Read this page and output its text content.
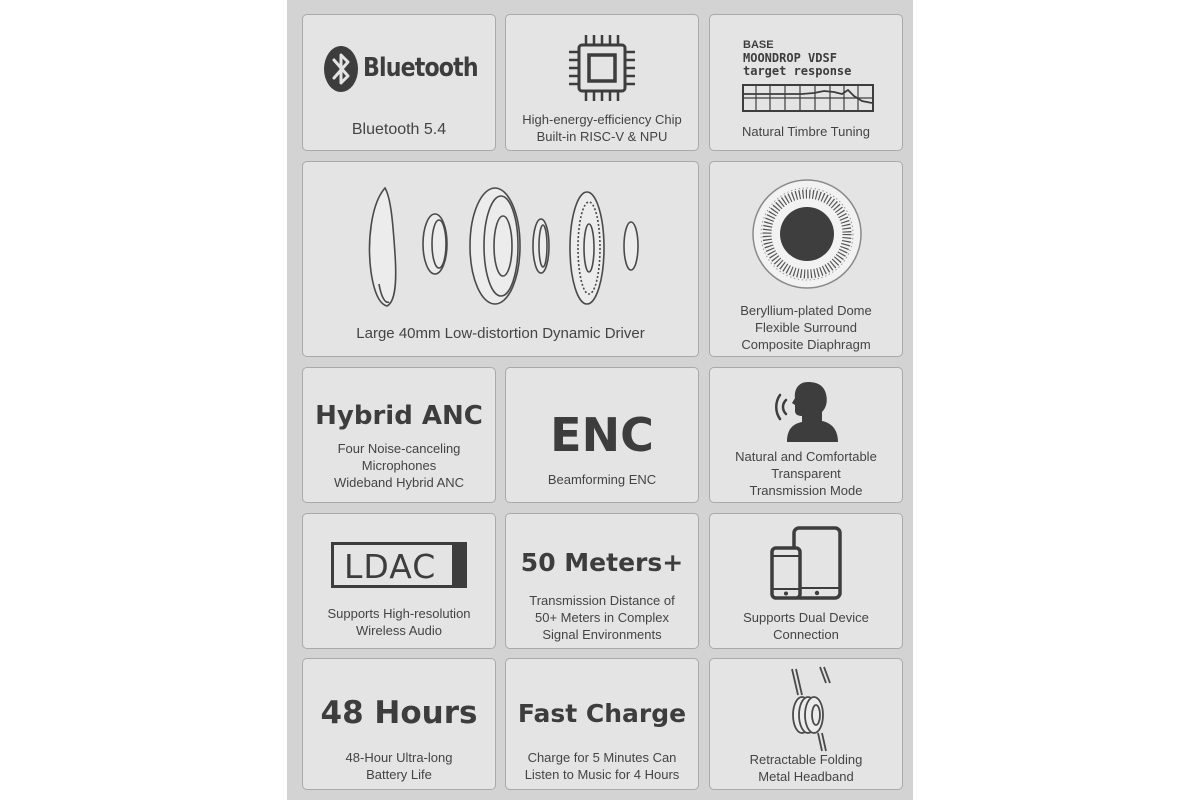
Bluetooth
Bluetooth 5.4
High-energy-efficiency Chip
Built-in RISC-V & NPU
BASE
MOONDROP VDSF
target response
Natural Timbre Tuning
Large 40mm Low-distortion Dynamic Driver
Beryllium-plated Dome
Flexible Surround
Composite Diaphragm
Hybrid ANC
Four Noise-canceling
Microphones
Wideband Hybrid ANC
ENC
Beamforming ENC
Natural and Comfortable
Transparent
Transmission Mode
LDAC
Supports High-resolution
Wireless Audio
50 Meters+
Transmission Distance of
50+ Meters in Complex
Signal Environments
Supports Dual Device
Connection
48 Hours
48-Hour Ultra-long
Battery Life
Fast Charge
Charge for 5 Minutes Can
Listen to Music for 4 Hours
Retractable Folding
Metal Headband
